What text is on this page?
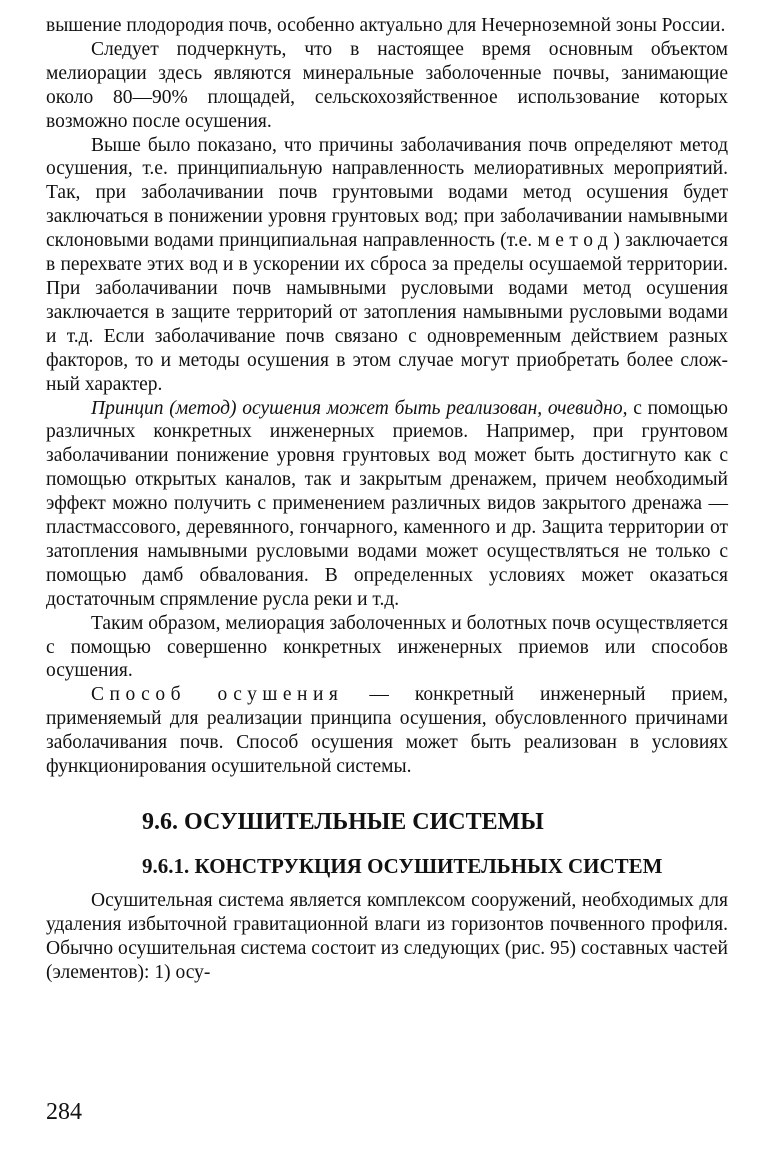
вышение плодородия почв, особенно актуально для Нечерноземной зоны России.

Следует подчеркнуть, что в настоящее время основным объектом мелиорации здесь являются минеральные заболоченные почвы, занимающие около 80—90% площадей, сельскохозяйственное использование которых возможно после осушения.

Выше было показано, что причины заболачивания почв определяют метод осушения, т.е. принципиальную направленность мелиоративных мероприятий. Так, при заболачивании почв грунтовыми водами метод осушения будет заключаться в понижении уровня грунтовых вод; при заболачивании намывными склоновыми водами принципиальная направленность (т.е. метод) заключается в перехвате этих вод и в ускорении их сброса за пределы осушаемой территории. При заболачивании почв намывными русловыми водами метод осушения заключается в защите территорий от затопления намывными русловыми водами и т.д. Если заболачивание почв связано с одновременным действием разных факторов, то и методы осушения в этом случае могут приобретать более сложный характер.

Принцип (метод) осушения может быть реализован, очевидно, с помощью различных конкретных инженерных приемов. Например, при грунтовом заболачивании понижение уровня грунтовых вод может быть достигнуто как с помощью открытых каналов, так и закрытым дренажем, причем необходимый эффект можно получить с применением различных видов закрытого дренажа — пластмассового, деревянного, гончарного, каменного и др. Защита территории от затопления намывными русловыми водами может осуществляться не только с помощью дамб обвалования. В определенных условиях может оказаться достаточным спрямление русла реки и т.д.

Таким образом, мелиорация заболоченных и болотных почв осуществляется с помощью совершенно конкретных инженерных приемов или способов осушения.

Способ осушения — конкретный инженерный прием, применяемый для реализации принципа осушения, обусловленного причинами заболачивания почв. Способ осушения может быть реализован в условиях функционирования осушительной системы.

9.6. ОСУШИТЕЛЬНЫЕ СИСТЕМЫ
9.6.1. КОНСТРУКЦИЯ ОСУШИТЕЛЬНЫХ СИСТЕМ

Осушительная система является комплексом сооружений, необходимых для удаления избыточной гравитационной влаги из горизонтов почвенного профиля. Обычно осушительная система состоит из следующих (рис. 95) составных частей (элементов): 1) осу-

284
